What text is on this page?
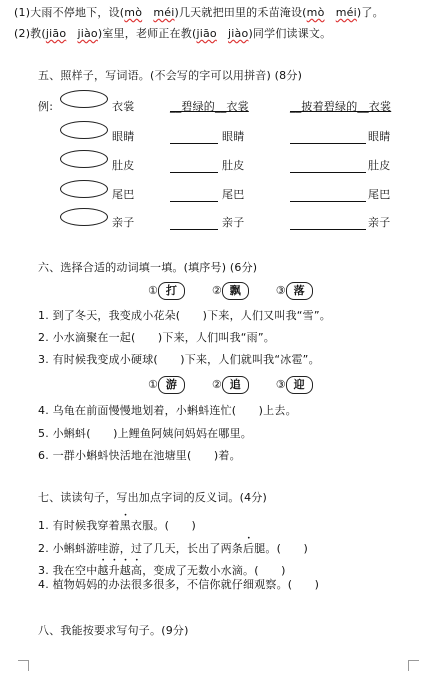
(1)大雨不停地下，设(mò　 méi)几天就把田里的禾苗淹设(mò　 méi)了。
(2)教(jiāo　 jiào)室里，老师正在教(jiāo　 jiào)同学们读课文。
五、照样子，写词语。(不会写的字可以用拼音) (8分)
例:	衣裳	__碧绿的__衣裳	__披着碧绿的__衣裳
眼睛	眼睛	眼睛
肚皮	肚皮	肚皮
尾巴	尾巴	尾巴
亲子	亲子	亲子
六、选择合适的动词填一填。(填序号) (6分)
① 打	② 飘	③ 落
1. 到了冬天，我变成小花朵(　　)下来，人们又叫我“雪”。
2. 小水滴聚在一起(　　)下来，人们叫我“雨”。
3. 有时候我变成小硬球(　　)下来，人们就叫我“冰雹”。
① 游	② 追	③ 迎
4. 乌龟在前面慢慢地划着，小蝌蚪连忙(　　)上去。
5. 小蝌蚪(　　)上鲤鱼阿姨问妈妈在哪里。
6. 一群小蝌蚪快活地在池塘里(　　)着。
七、读读句子，写出加点字词的反义词。(4分)
1. 有时候我穿着黑衣服。(　　)
2. 小蝌蚪游哇游，过了几天，长出了两条后腿。(　　)
3. 我在空中越升越高，变成了无数小水滴。(　　)
4. 植物妈妈的办法很多很多，不信你就仔细观察。(　　)
八、我能按要求写句子。(9分)
